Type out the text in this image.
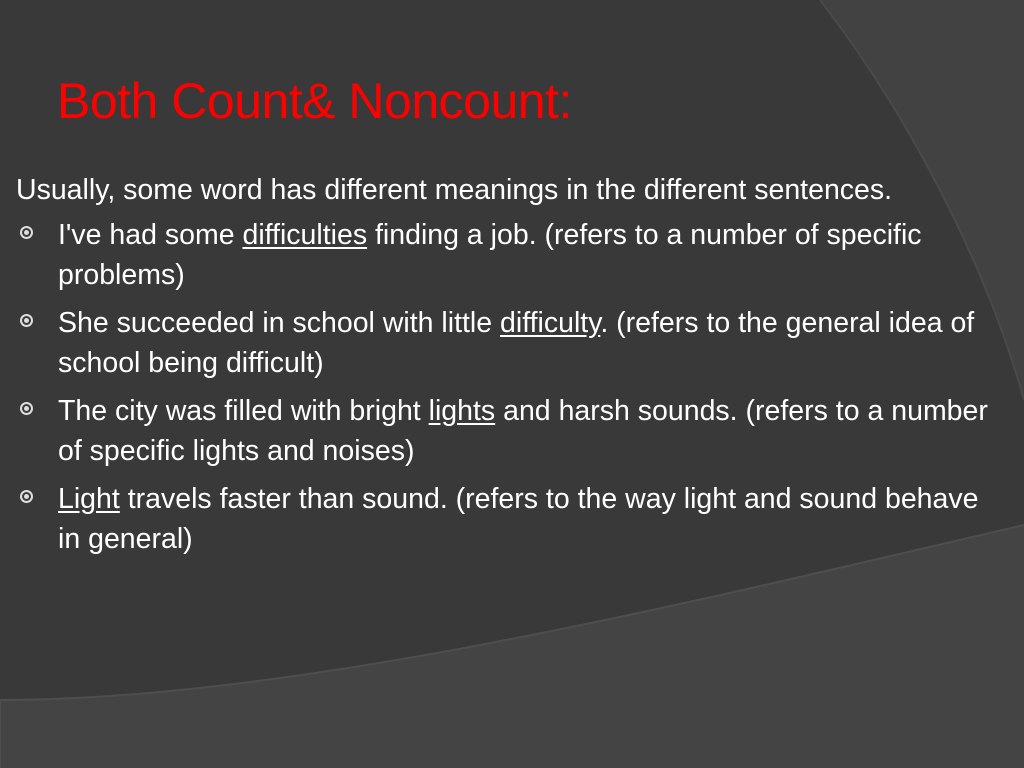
Both Count& Noncount:
Usually, some word has different meanings in the different sentences.
I've had some difficulties finding a job. (refers to a number of specific problems)
She succeeded in school with little difficulty. (refers to the general idea of school being difficult)
The city was filled with bright lights and harsh sounds. (refers to a number of specific lights and noises)
Light travels faster than sound. (refers to the way light and sound behave in general)
